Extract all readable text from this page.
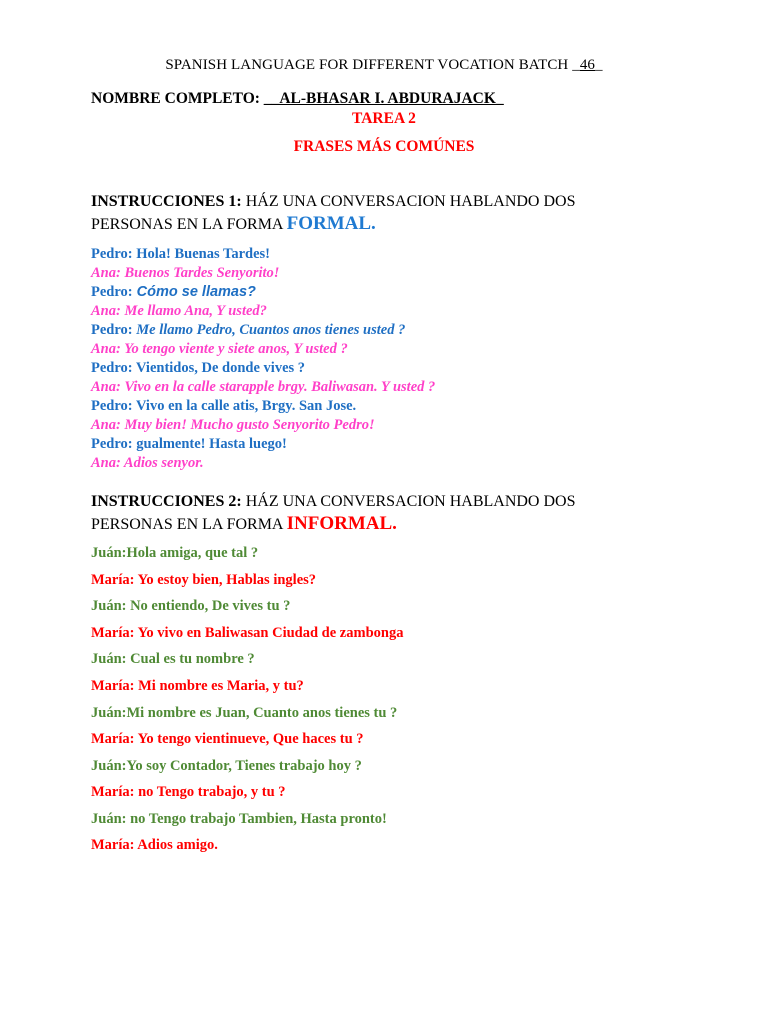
SPANISH LANGUAGE FOR DIFFERENT VOCATION BATCH _46_
NOMBRE COMPLETO: __AL-BHASAR I. ABDURAJACK_
TAREA 2
FRASES MÁS COMÚNES
INSTRUCCIONES 1: HÁZ UNA CONVERSACION HABLANDO DOS
PERSONAS EN LA FORMA FORMAL.
Pedro: Hola! Buenas Tardes!
Ana: Buenos Tardes Senyorito!
Pedro: Cómo se llamas?
Ana: Me llamo Ana, Y usted?
Pedro: Me llamo Pedro, Cuantos anos tienes usted ?
Ana: Yo tengo viente y siete anos, Y usted ?
Pedro: Vientidos, De donde vives ?
Ana: Vivo en la calle starapple brgy. Baliwasan. Y usted ?
Pedro: Vivo en la calle atis, Brgy. San Jose.
Ana: Muy bien! Mucho gusto Senyorito Pedro!
Pedro: gualmente! Hasta luego!
Ana: Adios senyor.
INSTRUCCIONES 2: HÁZ UNA CONVERSACION HABLANDO DOS
PERSONAS EN LA FORMA INFORMAL.
Juán:Hola amiga, que tal ?
María: Yo estoy bien, Hablas ingles?
Juán: No entiendo, De vives tu ?
María: Yo vivo en Baliwasan Ciudad de zambonga
Juán: Cual es tu nombre ?
María: Mi nombre es Maria, y tu?
Juán:Mi nombre es Juan, Cuanto anos tienes tu ?
María: Yo tengo vientinueve, Que haces tu ?
Juán:Yo soy Contador, Tienes trabajo hoy ?
María: no Tengo trabajo, y tu ?
Juán: no Tengo trabajo Tambien, Hasta pronto!
María: Adios amigo.
